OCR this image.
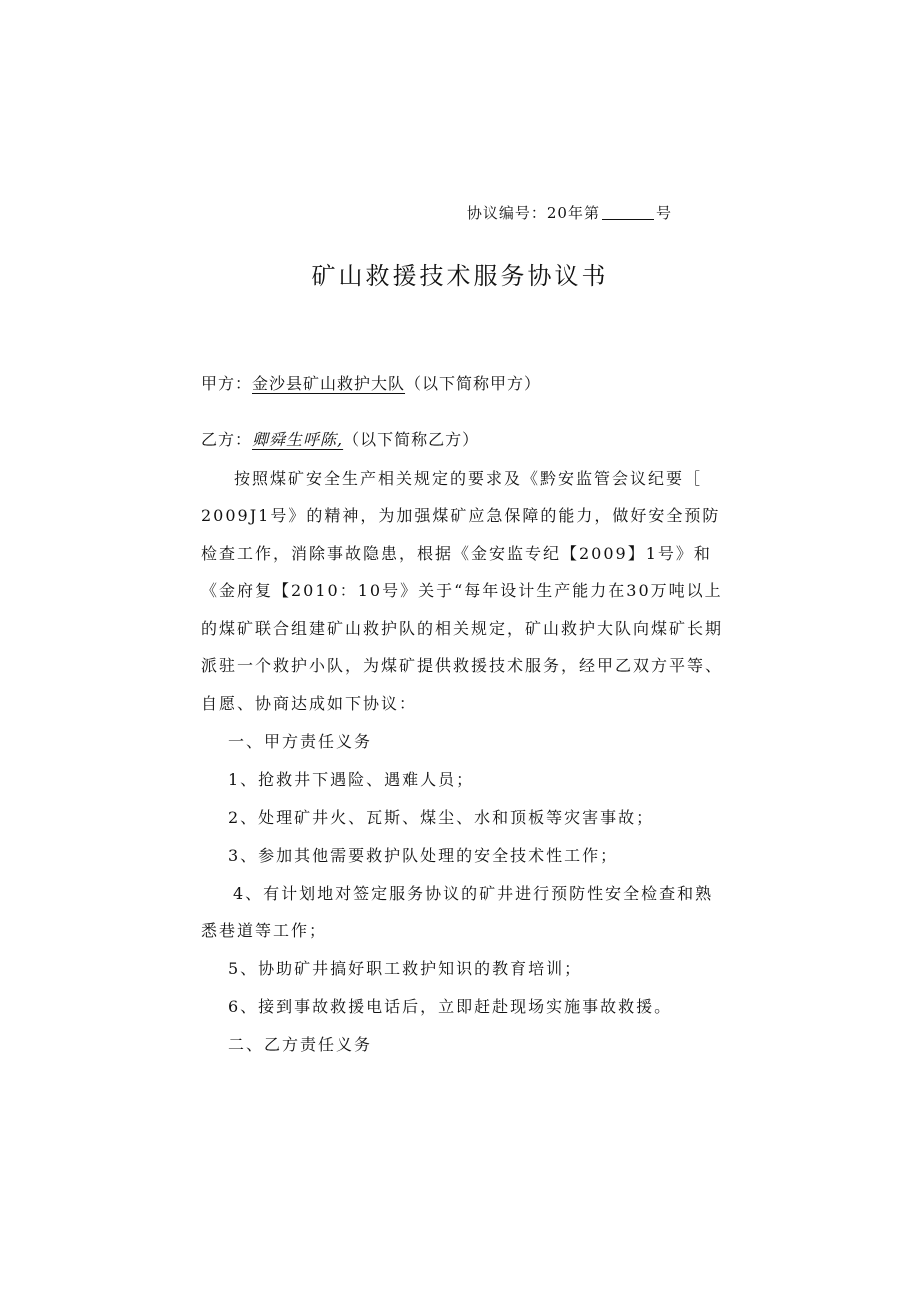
协议编号：20年第	号
矿山救援技术服务协议书
甲方：金沙县矿山救护大队（以下简称甲方）
乙方：卿舜生呼陈,（以下简称乙方）
按照煤矿安全生产相关规定的要求及《黔安监管会议纪要［
2009J1号》的精神，为加强煤矿应急保障的能力，做好安全预防
检查工作，消除事故隐患，根据《金安监专纪【2009】1号》和
《金府复【2010：10号》关于“每年设计生产能力在30万吨以上
的煤矿联合组建矿山救护队的相关规定，矿山救护大队向煤矿长期
派驻一个救护小队，为煤矿提供救援技术服务，经甲乙双方平等、
自愿、协商达成如下协议：
一、甲方责任义务
1、抢救井下遇险、遇难人员；
2、处理矿井火、瓦斯、煤尘、水和顶板等灾害事故；
3、参加其他需要救护队处理的安全技术性工作；
4、有计划地对签定服务协议的矿井进行预防性安全检查和熟
悉巷道等工作；
5、协助矿井搞好职工救护知识的教育培训；
6、接到事故救援电话后，立即赶赴现场实施事故救援。
二、乙方责任义务
